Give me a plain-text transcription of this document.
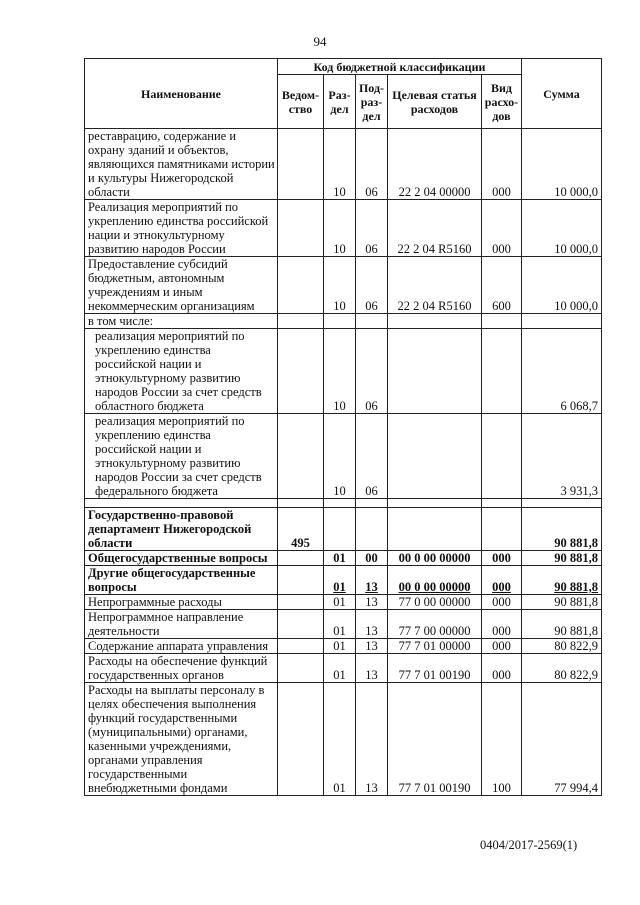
94
Наименование	Код бюджетной классификации					Сумма
	Ведом-ство	Раз-дел	Под-раз-дел	Целевая статья расходов	Вид расхо-дов	
реставрацию, содержание и охрану зданий и объектов, являющихся памятниками истории и культуры Нижегородской области		10	06	22 2 04 00000	000	10 000,0
Реализация мероприятий по укреплению единства российской нации и этнокультурному развитию народов России		10	06	22 2 04 R5160	000	10 000,0
Предоставление субсидий бюджетным, автономным учреждениям и иным некоммерческим организациям		10	06	22 2 04 R5160	600	10 000,0
в том числе:						
реализация мероприятий по укреплению единства российской нации и этнокультурному развитию народов России за счет средств областного бюджета		10	06			6 068,7
реализация мероприятий по укреплению единства российской нации и этнокультурному развитию народов России за счет средств федерального бюджета		10	06			3 931,3

Государственно-правовой департамент Нижегородской области	495					90 881,8
Общегосударственные вопросы		01	00	00 0 00 00000	000	90 881,8
Другие общегосударственные вопросы		01	13	00 0 00 00000	000	90 881,8
Непрограммные расходы		01	13	77 0 00 00000	000	90 881,8
Непрограммное направление деятельности		01	13	77 7 00 00000	000	90 881,8
Содержание аппарата управления		01	13	77 7 01 00000	000	80 822,9
Расходы на обеспечение функций государственных органов		01	13	77 7 01 00190	000	80 822,9
Расходы на выплаты персоналу в целях обеспечения выполнения функций государственными (муниципальными) органами, казенными учреждениями, органами управления государственными внебюджетными фондами		01	13	77 7 01 00190	100	77 994,4
0404/2017-2569(1)
